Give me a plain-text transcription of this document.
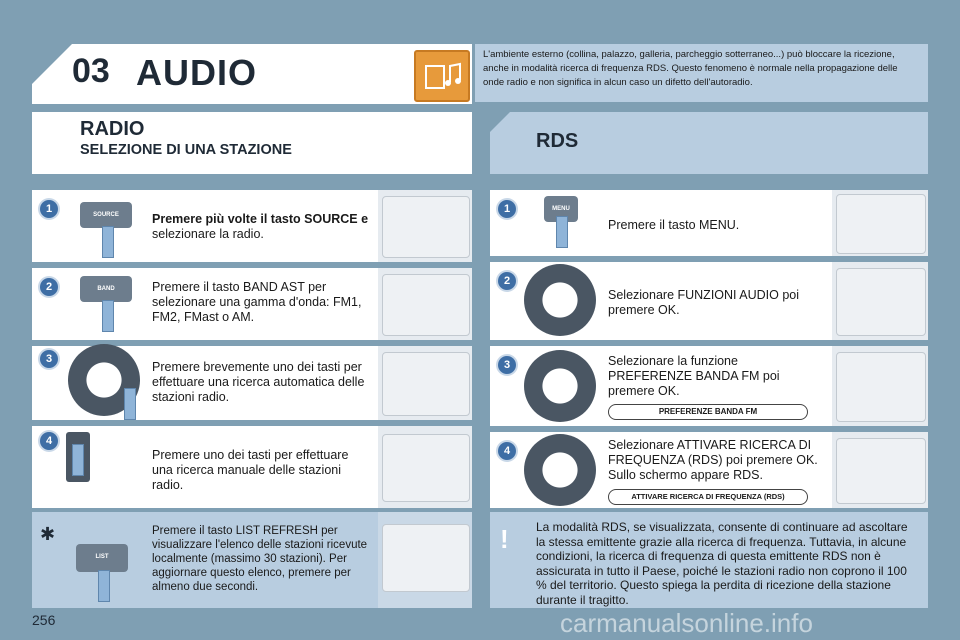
03 AUDIO	L'ambiente esterno (collina, palazzo, galleria, parcheggio sotterraneo...) può bloccare la ricezione, anche in modalità ricerca di frequenza RDS. Questo fenomeno è normale nella propagazione delle onde radio e non significa in alcun caso un difetto dell'autoradio.
RADIO
SELEZIONE DI UNA STAZIONE	RDS
1	SOURCE	Premere più volte il tasto SOURCE e
selezionare la radio.
2	BAND	Premere il tasto BAND AST per selezionare una gamma d'onda: FM1, FM2, FMast o AM.
3
Premere brevemente uno dei tasti per effettuare una ricerca automatica delle stazioni radio.
4
Premere uno dei tasti per effettuare una ricerca manuale delle stazioni radio.
✱
LIST
Premere il tasto LIST REFRESH per visualizzare l'elenco delle stazioni ricevute localmente (massimo 30 stazioni). Per aggiornare questo elenco, premere per almeno due secondi.
1	MENU
Premere il tasto MENU.
2
Selezionare FUNZIONI AUDIO poi premere OK.
3	Selezionare la funzione PREFERENZE BANDA FM poi premere OK.
PREFERENZE BANDA FM
4	Selezionare ATTIVARE RICERCA DI FREQUENZA (RDS) poi premere OK. Sullo schermo appare RDS.
ATTIVARE RICERCA DI FREQUENZA (RDS)
! La modalità RDS, se visualizzata, consente di continuare ad ascoltare la stessa emittente grazie alla ricerca di frequenza. Tuttavia, in alcune condizioni, la ricerca di frequenza di questa emittente RDS non è assicurata in tutto il Paese, poiché le stazioni radio non coprono il 100 % del territorio. Questo spiega la perdita di ricezione della stazione durante il tragitto.
256	carmanualsonline.info
